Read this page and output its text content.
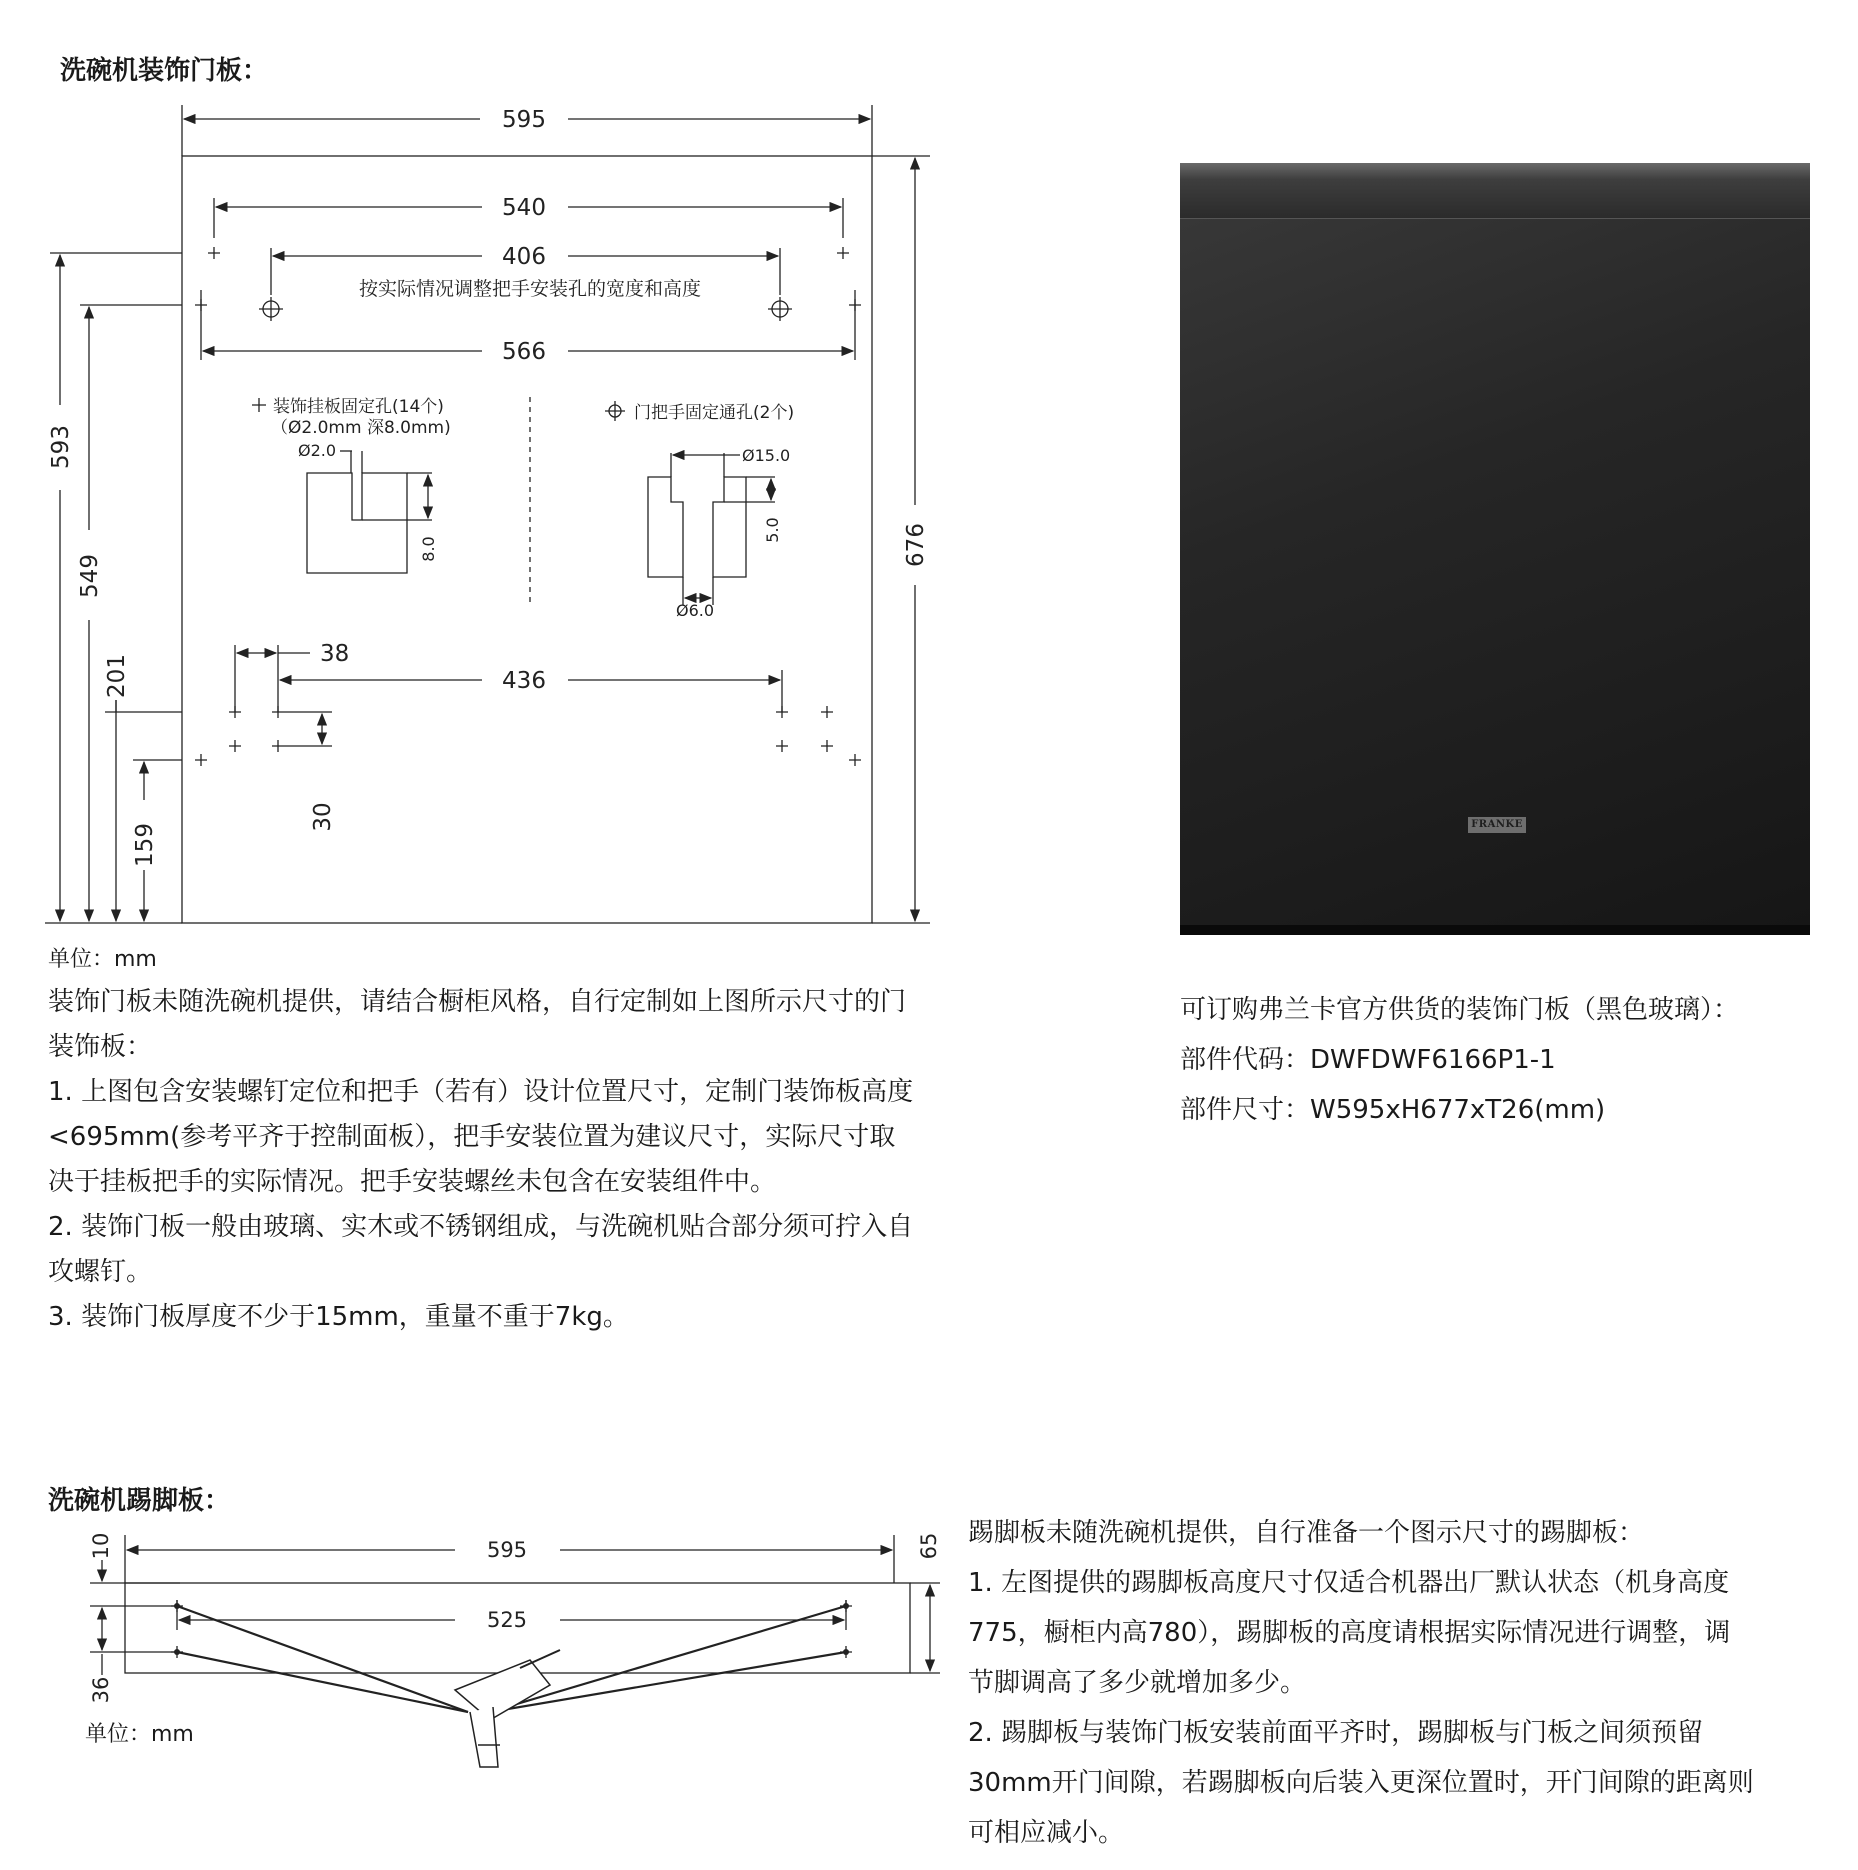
洗碗机装饰门板：
595
540
406
566
436
按实际情况调整把手安装孔的宽度和高度
38
593
549
201
159
676
30
装饰挂板固定孔(14个)
（Ø2.0mm 深8.0mm)
门把手固定通孔(2个)
Ø2.0
8.0
Ø15.0
5.0
Ø6.0
单位：mm

装饰门板未随洗碗机提供，请结合橱柜风格，自行定制如上图所示尺寸的门

装饰板：

1. 上图包含安装螺钉定位和把手（若有）设计位置尺寸，定制门装饰板高度

<695mm(参考平齐于控制面板），把手安装位置为建议尺寸，实际尺寸取

决于挂板把手的实际情况。把手安装螺丝未包含在安装组件中。

2. 装饰门板一般由玻璃、实木或不锈钢组成，与洗碗机贴合部分须可拧入自

攻螺钉。

3. 装饰门板厚度不少于15mm，重量不重于7kg。

FRANKE

可订购弗兰卡官方供货的装饰门板（黑色玻璃）：

部件代码：DWFDWF6166P1-1

部件尺寸：W595xH677xT26(mm)

洗碗机踢脚板：
595
525
10
36
65
单位：mm

踢脚板未随洗碗机提供，自行准备一个图示尺寸的踢脚板：

1. 左图提供的踢脚板高度尺寸仅适合机器出厂默认状态（机身高度

775，橱柜内高780），踢脚板的高度请根据实际情况进行调整，调

节脚调高了多少就增加多少。

2. 踢脚板与装饰门板安装前面平齐时，踢脚板与门板之间须预留

30mm开门间隙，若踢脚板向后装入更深位置时，开门间隙的距离则

可相应减小。
